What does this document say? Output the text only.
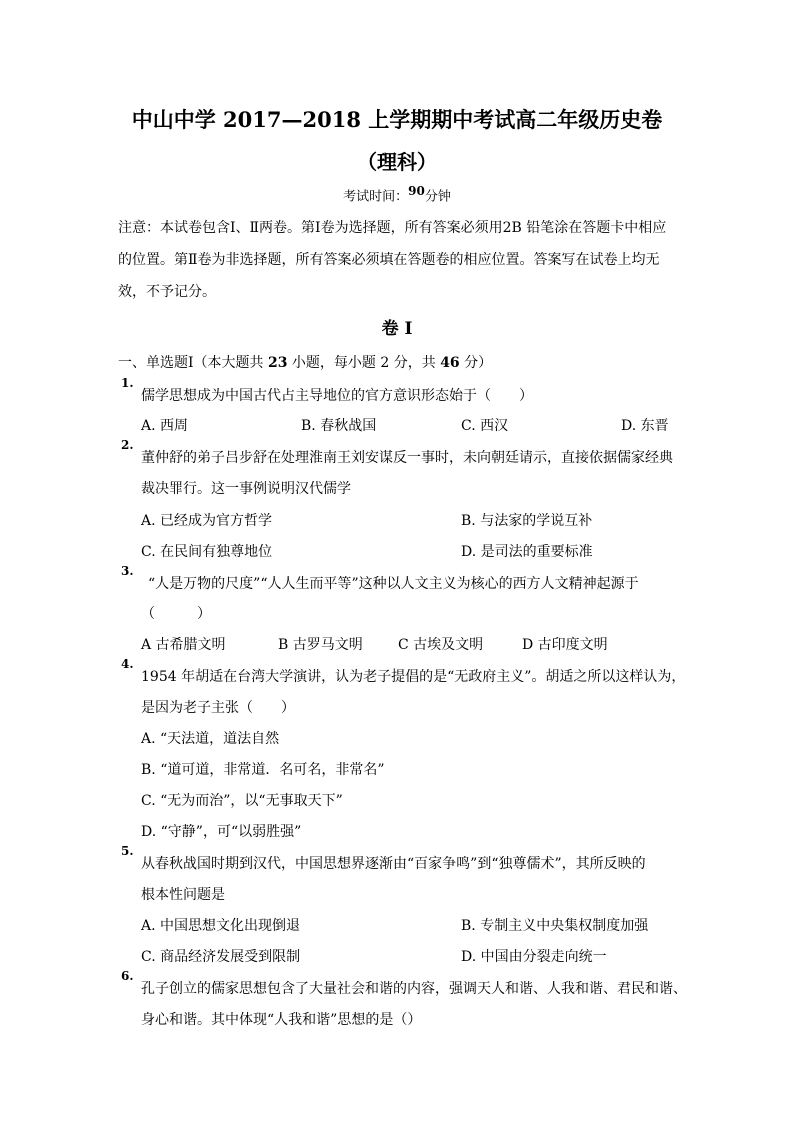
中山中学 2017—2018 上学期期中考试高二年级历史卷
（理科）
考试时间：$^{90}$分钟
注意：本试卷包含Ⅰ、Ⅱ两卷。第Ⅰ卷为选择题，所有答案必须用2B 铅笔涂在答题卡中相应的位置。第Ⅱ卷为非选择题，所有答案必须填在答题卷的相应位置。答案写在试卷上均无效，不予记分。
卷 I
一、单选题Ⅰ（本大题共 23 小题，每小题 2 分，共 46 分）
1.
儒学思想成为中国古代占主导地位的官方意识形态始于（　　）
A. 西周	B. 春秋战国	C. 西汉	D. 东晋
2.
董仲舒的弟子吕步舒在处理淮南王刘安谋反一事时，未向朝廷请示，直接依据儒家经典
裁决罪行。这一事例说明汉代儒学
A. 已经成为官方哲学	B. 与法家的学说互补
C. 在民间有独尊地位	D. 是司法的重要标准
3.
“人是万物的尺度”“人人生而平等”这种以人文主义为核心的西方人文精神起源于
（　　　）
A 古希腊文明	B 古罗马文明	C 古埃及文明	D 古印度文明
4.
1954 年胡适在台湾大学演讲，认为老子提倡的是“无政府主义”。胡适之所以这样认为，
是因为老子主张（　　）
A. “天法道，道法自然
B. “道可道，非常道．名可名，非常名”
C. “无为而治”，以“无事取天下”
D. “守静”，可“以弱胜强”
5.
从春秋战国时期到汉代，中国思想界逐渐由“百家争鸣”到“独尊儒术”，其所反映的
根本性问题是
A. 中国思想文化出现倒退	B. 专制主义中央集权制度加强
C. 商品经济发展受到限制	D. 中国由分裂走向统一
6.
孔子创立的儒家思想包含了大量社会和谐的内容，强调天人和谐、人我和谐、君民和谐、
身心和谐。其中体现“人我和谐”思想的是（）
